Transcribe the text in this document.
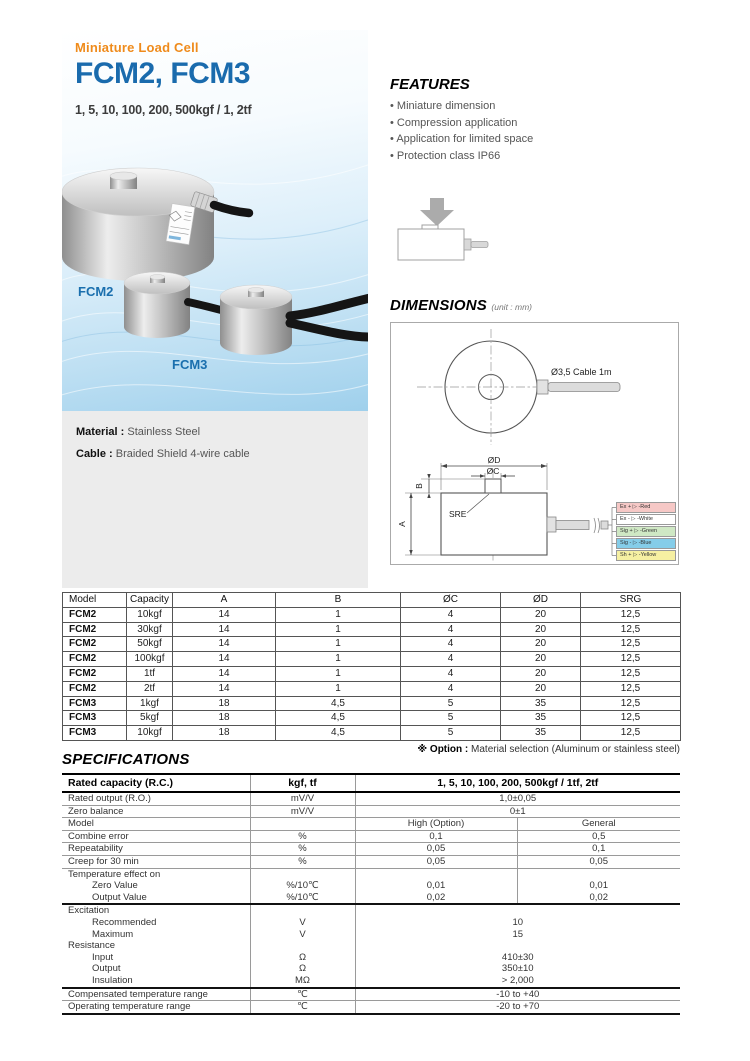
Miniature Load Cell
FCM2, FCM3
1, 5, 10, 100, 200, 500kgf / 1, 2tf
FCM2
FCM3
Material : Stainless Steel
Cable : Braided Shield 4-wire cable
FEATURES
• Miniature dimension
• Compression application
• Application for limited space
• Protection class IP66
DIMENSIONS (unit : mm)
Ø3,5 Cable 1m
ØD
ØC
B
A
SRE
Ex + ▷ -Red
Ex - ▷ -White
Sig + ▷ -Green
Sig - ▷ -Blue
Sh + ▷ -Yellow
Model	Capacity	A	B	ØC	ØD	SRG
FCM2	10kgf	14	1	4	20	12,5
FCM2	30kgf	14	1	4	20	12,5
FCM2	50kgf	14	1	4	20	12,5
FCM2	100kgf	14	1	4	20	12,5
FCM2	1tf	14	1	4	20	12,5
FCM2	2tf	14	1	4	20	12,5
FCM3	1kgf	18	4,5	5	35	12,5
FCM3	5kgf	18	4,5	5	35	12,5
FCM3	10kgf	18	4,5	5	35	12,5
※ Option : Material selection (Aluminum or stainless steel)
SPECIFICATIONS
Rated capacity (R.C.)	kgf, tf	1, 5, 10, 100, 200, 500kgf / 1tf, 2tf	
Rated output (R.O.)	mV/V	1,0±0,05	
Zero balance	mV/V	0±1	
Model		High (Option)	General
Combine error	%	0,1	0,5
Repeatability	%	0,05	0,1
Creep for 30 min	%	0,05	0,05
Temperature effect on			
Zero Value	%/10℃	0,01	0,01
Output Value	%/10℃	0,02	0,02
Excitation			
Recommended	V	10	
Maximum	V	15	
Resistance			
Input	Ω	410±30	
Output	Ω	350±10	
Insulation	MΩ	> 2,000	
Compensated temperature range	℃	-10 to +40	
Operating temperature range	℃	-20 to +70	
